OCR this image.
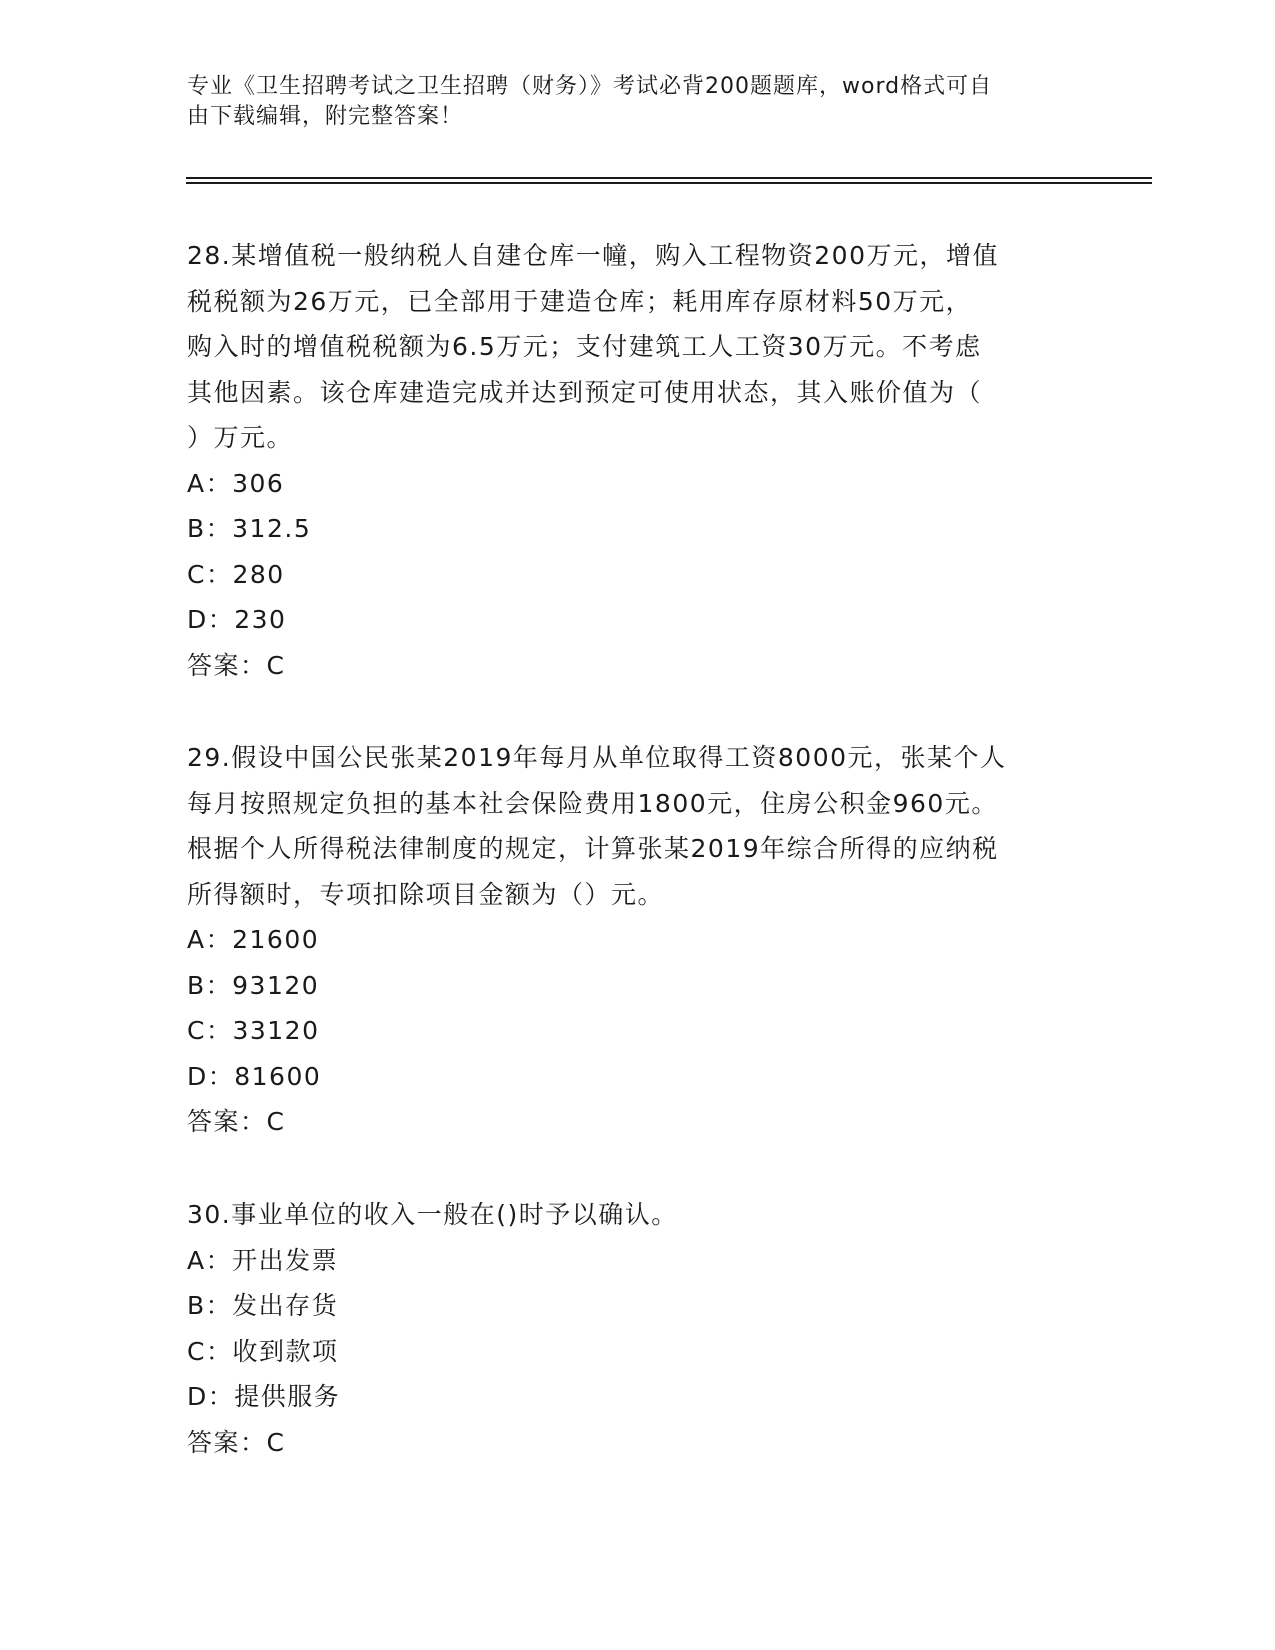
专业《卫生招聘考试之卫生招聘（财务）》考试必背200题题库，word格式可自
由下载编辑，附完整答案！

28.某增值税一般纳税人自建仓库一幢，购入工程物资200万元，增值

税税额为26万元，已全部用于建造仓库；耗用库存原材料50万元，

购入时的增值税税额为6.5万元；支付建筑工人工资30万元。不考虑

其他因素。该仓库建造完成并达到预定可使用状态，其入账价值为（

）万元。

A：306

B：312.5

C：280

D：230

答案：C

29.假设中国公民张某2019年每月从单位取得工资8000元，张某个人

每月按照规定负担的基本社会保险费用1800元，住房公积金960元。

根据个人所得税法律制度的规定，计算张某2019年综合所得的应纳税

所得额时，专项扣除项目金额为（）元。

A：21600

B：93120

C：33120

D：81600

答案：C

30.事业单位的收入一般在()时予以确认。

A：开出发票

B：发出存货

C：收到款项

D：提供服务

答案：C
